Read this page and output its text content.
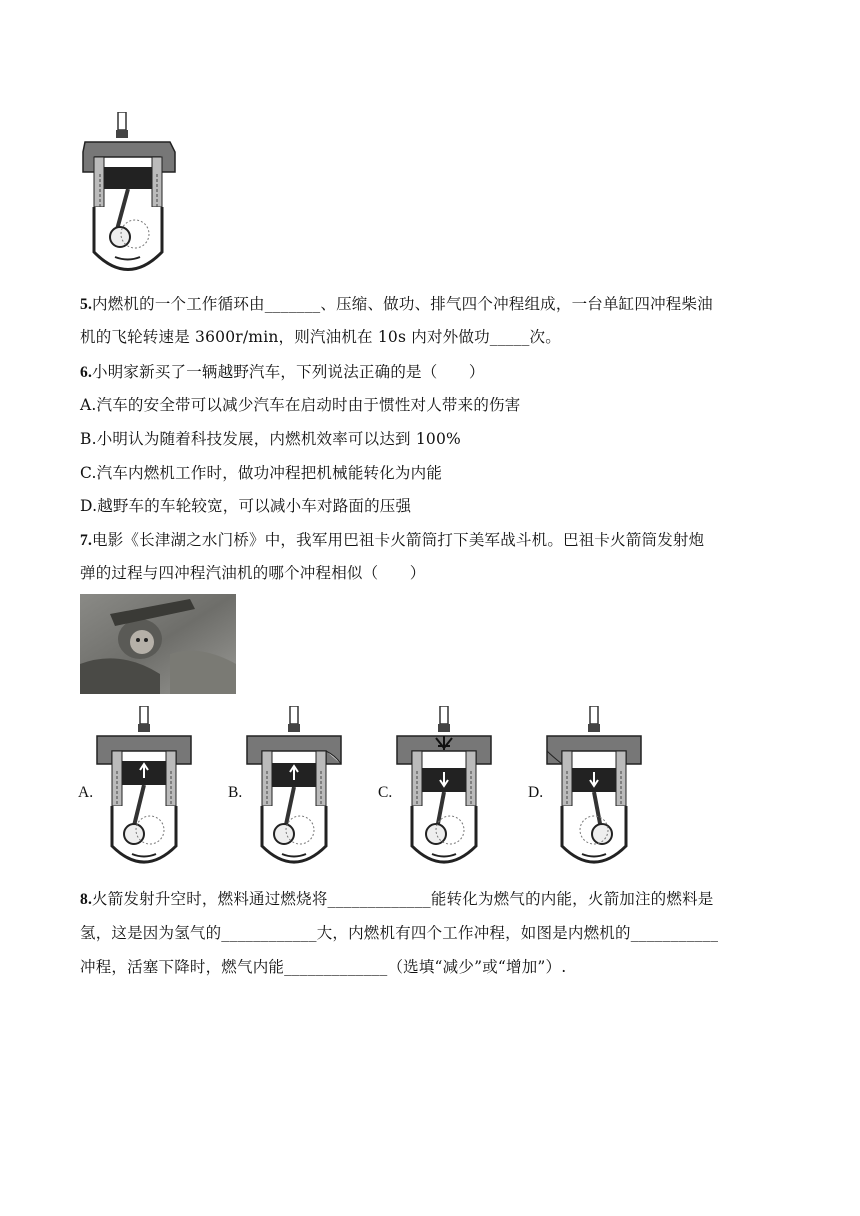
5.内燃机的一个工作循环由_______、压缩、做功、排气四个冲程组成，一台单缸四冲程柴油
机的飞轮转速是 3600r/min，则汽油机在 10s 内对外做功_____次。
6.小明家新买了一辆越野汽车，下列说法正确的是（　　）
A.汽车的安全带可以减少汽车在启动时由于惯性对人带来的伤害
B.小明认为随着科技发展，内燃机效率可以达到 100%
C.汽车内燃机工作时，做功冲程把机械能转化为内能
D.越野车的车轮较宽，可以减小车对路面的压强
7.电影《长津湖之水门桥》中，我军用巴祖卡火箭筒打下美军战斗机。巴祖卡火箭筒发射炮
弹的过程与四冲程汽油机的哪个冲程相似（　　）
A.	B.	C.	D.
8.火箭发射升空时，燃料通过燃烧将_____________能转化为燃气的内能，火箭加注的燃料是
氢，这是因为氢气的____________大，内燃机有四个工作冲程，如图是内燃机的___________
冲程，活塞下降时，燃气内能_____________（选填“减少”或“增加”）.
